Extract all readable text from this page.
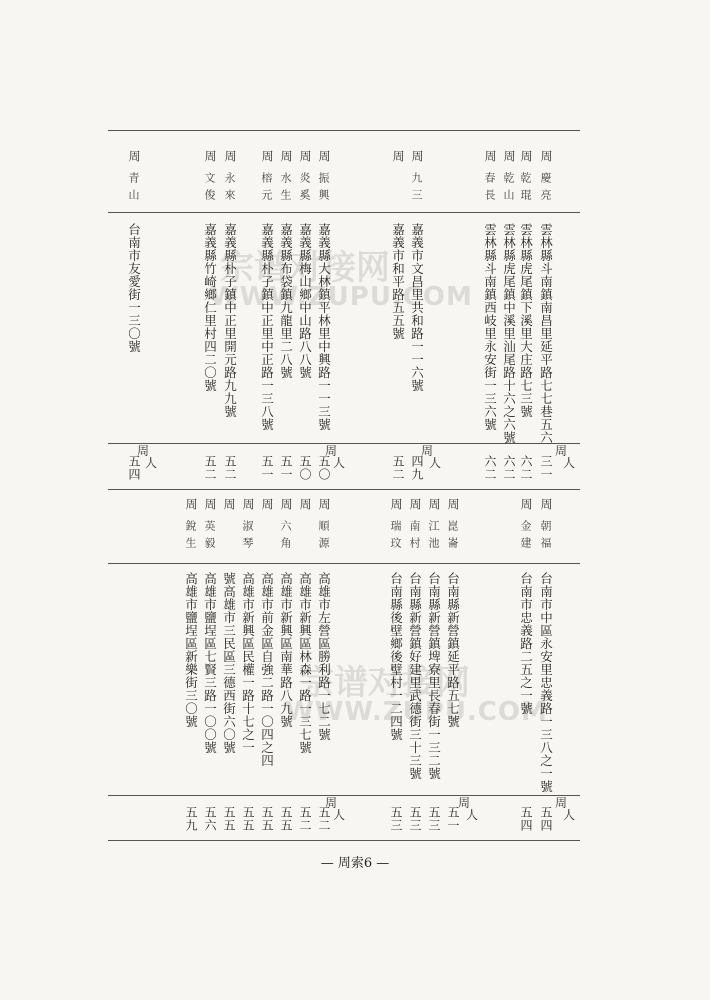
宗谱对接网
WWW.ZUPU.COM
宗谱对接网
WWW.ZUPU.COM
周
慶亮
雲林縣斗南鎮南昌里延平路七七巷五六
三一
周
乾琨
雲林縣虎尾鎮下溪里大庄路七三號
六二
周
乾山
雲林縣虎尾鎮中溪里汕尾路十六之六號
六二
周
春長
雲林縣斗南鎮西岐里永安街一三六號
六二
周
九三
嘉義市文昌里共和路一一六號
四九
周
嘉義市和平路五五號
五二
周
振興
嘉義縣大林鎮平林里中興路一一三號
五〇
周
炎奚
嘉義縣梅山鄉中山路八八號
五〇
周
水生
嘉義縣布袋鎮九龍里二八號
五一
周
榕元
嘉義縣朴子鎮中正里中正路一三八號
五一
周
永來
嘉義縣朴子鎮中正里開元路九九號
五二
周
文俊
嘉義縣竹崎鄉仁里村四二〇號
五二
周
青山
台南市友愛街一三〇號
五四
周
人
周
人
周
人
周
人
周
朝福
台南市中區永安里忠義路一三八之一號
五四
周
金建
台南市忠義路二五之一號
五四
周
崑崙
台南縣新營鎮延平路五七號
五一
周
江池
台南縣新營鎮埤寮里長春街一三二號
五三
周
南村
台南縣新營鎮好建里武德街三十三號
五三
周
瑞玟
台南縣後壁鄉後壁村一二四號
五三
周
順源
高雄市左營區勝利路一七二號
五二
周
高雄市新興區林森一路一三七號
五二
周
六角
高雄市新興區南華路八九號
五五
周
高雄市前金區自強二路一〇四之四
五五
周
淑琴
高雄市新興區民權一路十七之一
五五
周
號高雄市三民區三德西街六〇號
五五
周
英毅
高雄市鹽埕區七賢三路一〇〇號
五六
周
銳生
高雄市鹽埕區新樂街三〇號
五九
周
人
周
人
周
人
— 周索6 —
